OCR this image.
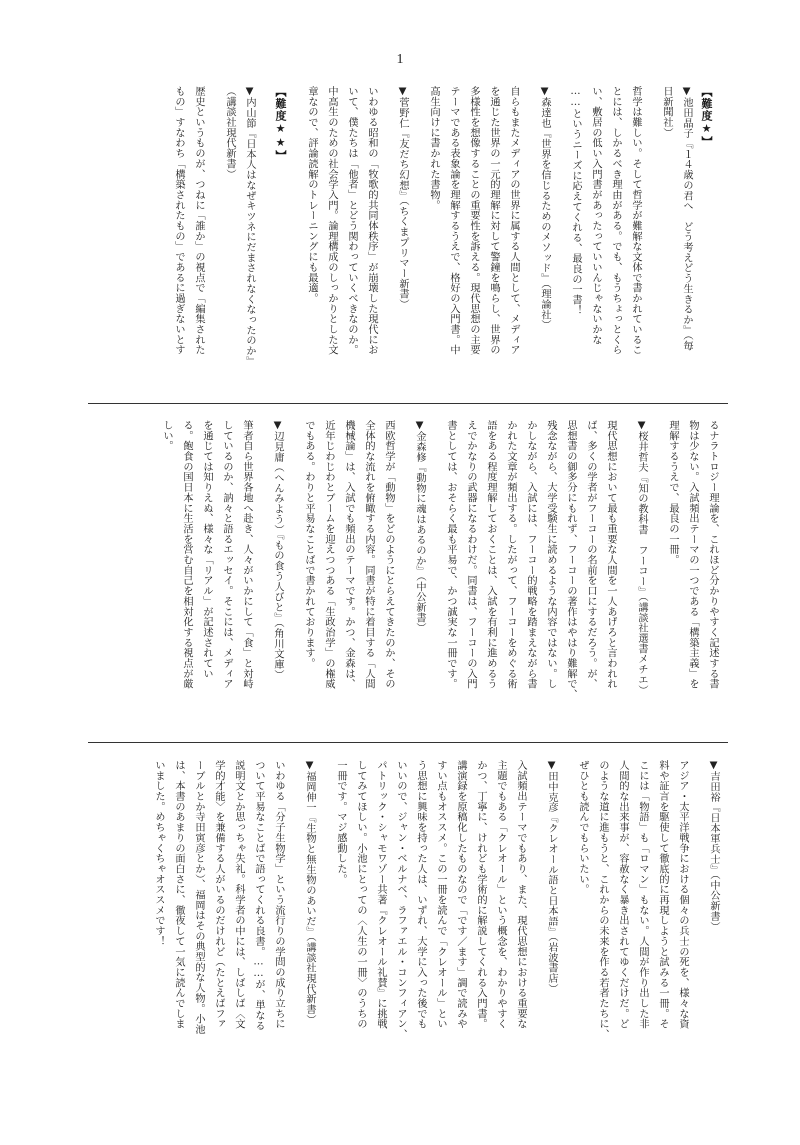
1
【難度★】
▼池田晶子『１４歳の君へ　どう考えどう生きるか』（毎
日新聞社）
哲学は難しい。そして哲学が難解な文体で書かれているこ
とには、しかるべき理由がある。でも、もうちょっとくら
い、敷居の低い入門書があったっていいんじゃないかな
……というニーズに応えてくれる、最良の一書！
▼森達也『世界を信じるためのメソッド』（理論社）
自らもまたメディアの世界に属する人間として、メディア
を通じた世界の一元的理解に対して警鐘を鳴らし、世界の
多様性を想像することの重要性を訴える。現代思想の主要
テーマである表象論を理解するうえで、格好の入門書。中
高生向けに書かれた書物。
▼菅野仁『友だち幻想』（ちくまプリマー新書）
いわゆる昭和の「牧歌的共同体秩序」が崩壊した現代にお
いて、僕たちは「他者」とどう関わっていくべきなのか。
中高生のための社会学入門。論理構成のしっかりとした文
章なので、評論読解のトレーニングにも最適。
【難度★★】
▼内山節『日本人はなぜキツネにだまされなくなったのか』
（講談社現代新書）
歴史というものが、つねに「誰か」の視点で「編集された
もの」すなわち「構築されたもの」であるに過ぎないとす
るナラトロジー理論を、これほど分かりやすく記述する書
物は少ない。入試頻出テーマの一つである「構築主義」を
理解するうえで、最良の一冊。
▼桜井哲夫『知の教科書　フーコー』（講談社選書メチエ）
現代思想において最も重要な人間を一人あげろと言われれ
ば、多くの学者がフーコーの名前を口にするだろう。が、
思想書の御多分にもれず、フーコーの著作はやはり難解で、
残念ながら、大学受験生に読めるような内容ではない。し
かしながら、入試には、フーコー的戦略を踏まえながら書
かれた文章が頻出する。したがって、フーコーをめぐる術
語をある程度理解しておくことは、入試を有利に進めるう
えでかなりの武器になるわけだ。同書は、フーコーの入門
書としては、おそらく最も平易で、かつ誠実な一冊です。
▼金森修『動物に魂はあるのか』（中公新書）
西欧哲学が「動物」をどのようにとらえてきたのか、その
全体的な流れを俯瞰する内容。同書が特に着目する「人間
機械論」は、入試でも頻出のテーマです。かつ、金森は、
近年じわじわとブームを迎えつつある「生政治学」の権威
でもある。わりと平易なことばで書かれております。
▼辺見庸（へんみよう）『もの食う人びと』（角川文庫）
筆者自ら世界各地へ赴き、人々がいかにして「食」と対峙
しているのか、訥々と語るエッセイ。そこには、メディア
を通じては知りえぬ、様々な「リアル」が記述されてい
る。飽食の国日本に生活を営む自己を相対化する視点が厳
しい。
▼吉田裕『日本軍兵士』（中公新書）
アジア・太平洋戦争における個々の兵士の死を、様々な資
料や証言を駆使して徹底的に再現しようと試みる一冊。そ
こには「物語」も「ロマン」もない。人間が作り出した非
人間的な出来事が、容赦なく暴き出されてゆくだけだ。ど
のような道に進もうと、これからの未来を作る若者たちに、
ぜひとも読んでもらいたい。
▼田中克彦『クレオール語と日本語』（岩波書店）
入試頻出テーマでもあり、また、現代思想における重要な
主題でもある「クレオール」という概念を、わかりやすく
かつ、丁寧に、けれども学術的に解説してくれる入門書。
講演録を原稿化したものなので「です／ます」調で読みや
すい点もオススメ。この一冊を読んで「クレオール」とい
う思想に興味を持った人は、いずれ、大学に入った後でも
いいので、ジャン・ベルナベ、ラファエル・コンフィアン、
パトリック・シャモワゾー共著『クレオール礼賛』に挑戦
してみてほしい。小池にとっての〈人生の一冊〉のうちの
一冊です。マジ感動した。
▼福岡伸一『生物と無生物のあいだ』（講談社現代新書）
いわゆる「分子生物学」という流行りの学問の成り立ちに
ついて平易なことばで語ってくれる良書。……が、単なる
説明文とか思っちゃ失礼。科学者の中には、しばしば〈文
学的才能〉を兼備する人がいるのだけれど（たとえばファ
ーブルとか寺田寅彦とか）、福岡はその典型的な人物。小池
は、本書のあまりの面白さに、徹夜して一気に読んでしま
いました。めちゃくちゃオススメです！
